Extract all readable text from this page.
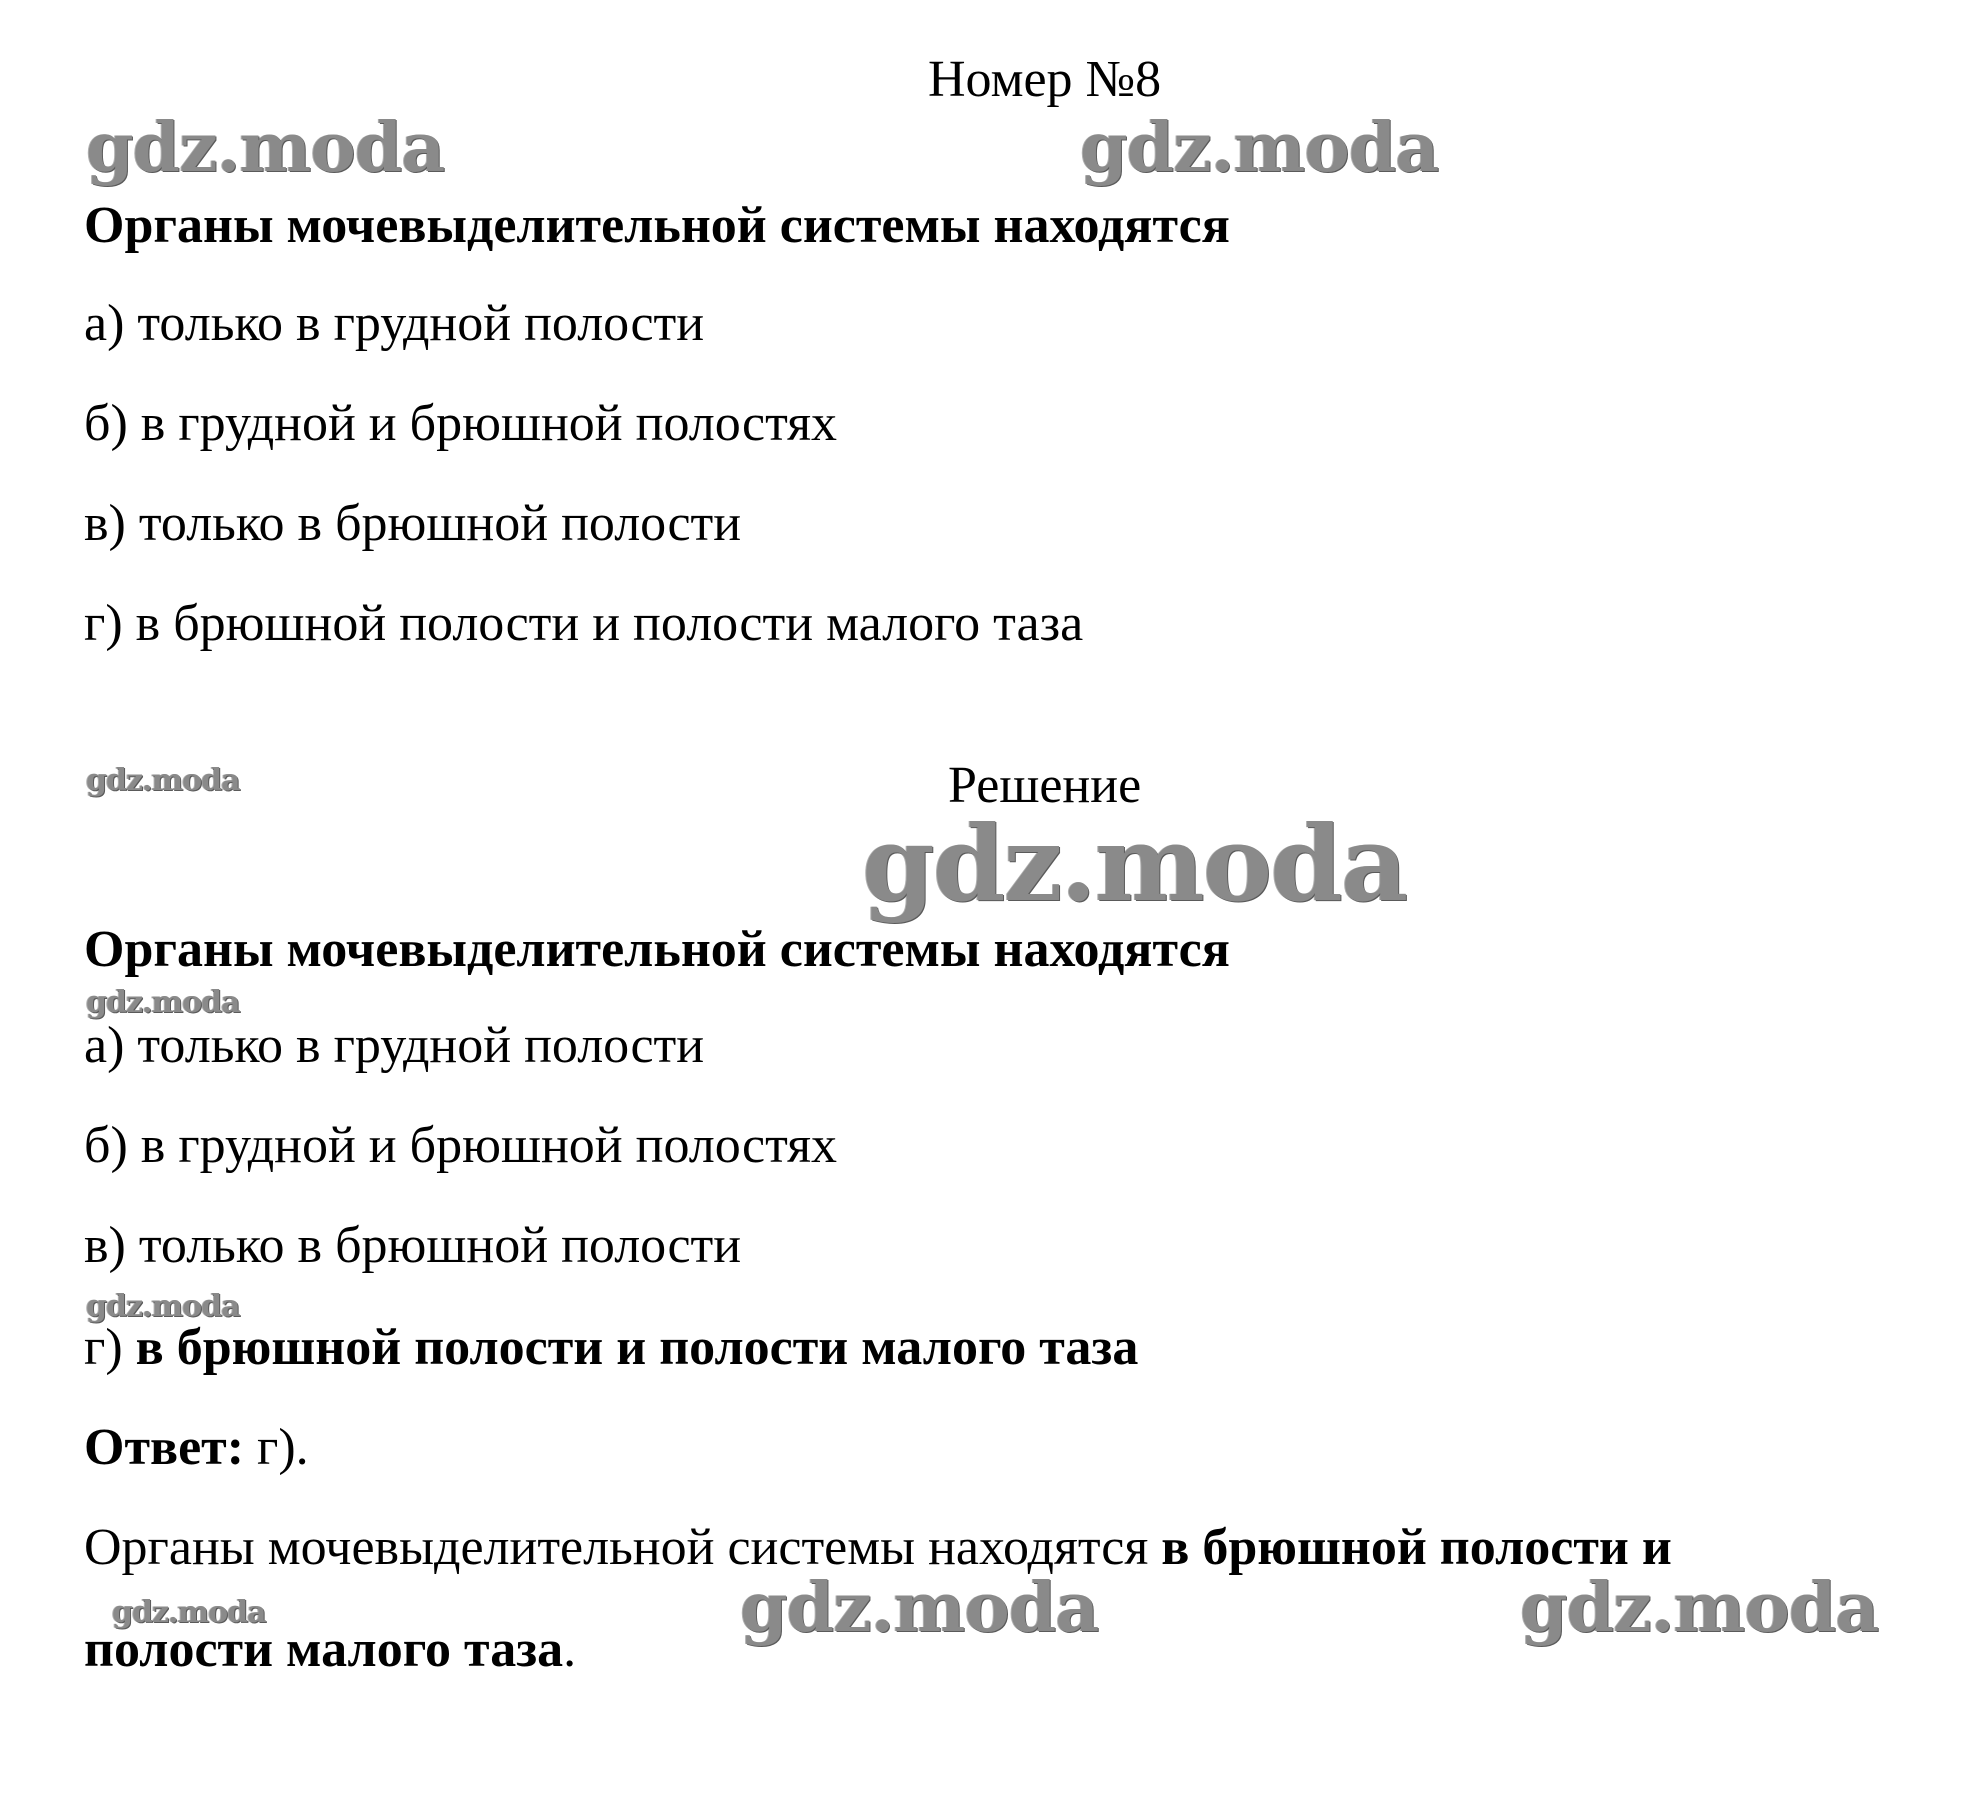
Номер №8
gdz.moda	gdz.moda
Органы мочевыделительной системы находятся
а) только в грудной полости
б) в грудной и брюшной полостях
в) только в брюшной полости
г) в брюшной полости и полости малого таза
gdz.moda	Решение
gdz.moda
Органы мочевыделительной системы находятся
gdz.moda
а) только в грудной полости
б) в грудной и брюшной полостях
в) только в брюшной полости
gdz.moda
г) в брюшной полости и полости малого таза
Ответ: г).
Органы мочевыделительной системы находятся в брюшной полости и
gdz.moda	gdz.moda	gdz.moda
полости малого таза.
